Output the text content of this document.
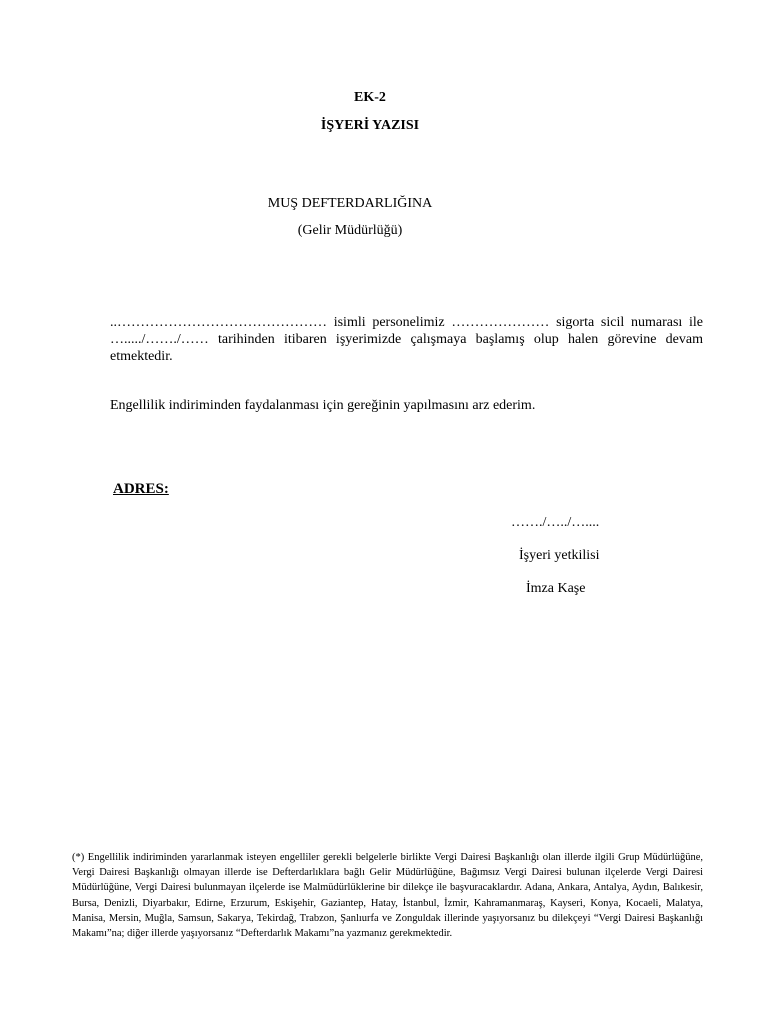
EK-2
İŞYERİ YAZISI
MUŞ DEFTERDARLIĞINA
(Gelir Müdürlüğü)
..……………………………………… isimli personelimiz ………………… sigorta sicil numarası ile …...../……./…… tarihinden itibaren işyerimizde çalışmaya başlamış olup halen görevine devam etmektedir.
Engellilik indiriminden faydalanması için gereğinin yapılmasını arz ederim.
ADRES:
……./…../…....
İşyeri yetkilisi
İmza Kaşe
(*) Engellilik indiriminden yararlanmak isteyen engelliler gerekli belgelerle birlikte Vergi Dairesi Başkanlığı olan illerde ilgili Grup Müdürlüğüne, Vergi Dairesi Başkanlığı olmayan illerde ise Defterdarlıklara bağlı Gelir Müdürlüğüne, Bağımsız Vergi Dairesi bulunan ilçelerde Vergi Dairesi Müdürlüğüne, Vergi Dairesi bulunmayan ilçelerde ise Malmüdürlüklerine bir dilekçe ile başvuracaklardır. Adana, Ankara, Antalya, Aydın, Balıkesir, Bursa, Denizli, Diyarbakır, Edirne, Erzurum, Eskişehir, Gaziantep, Hatay, İstanbul, İzmir, Kahramanmaraş, Kayseri, Konya, Kocaeli, Malatya, Manisa, Mersin, Muğla, Samsun, Sakarya, Tekirdağ, Trabzon, Şanlıurfa ve Zonguldak illerinde yaşıyorsanız bu dilekçeyi “Vergi Dairesi Başkanlığı Makamı”na; diğer illerde yaşıyorsanız “Defterdarlık Makamı”na yazmanız gerekmektedir.
